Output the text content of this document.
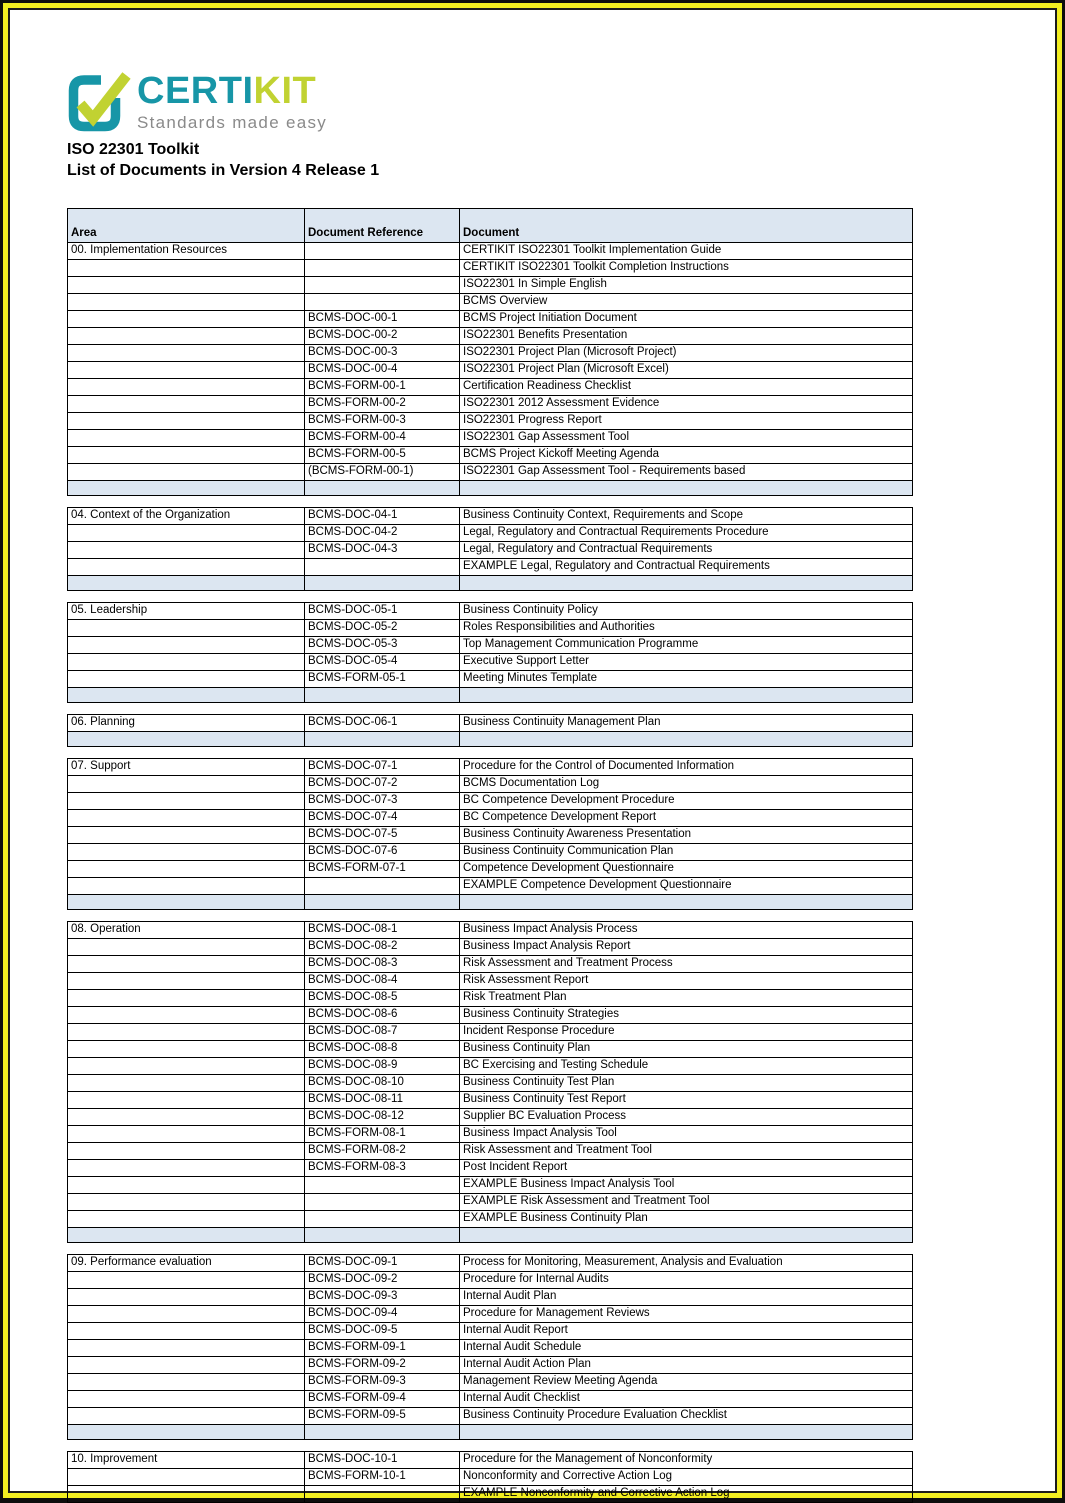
CERTIKIT
Standards made easy
ISO 22301 Toolkit
List of Documents in Version 4 Release 1
Area	Document Reference	Document
00. Implementation Resources		CERTIKIT ISO22301 Toolkit Implementation Guide
		CERTIKIT ISO22301 Toolkit Completion Instructions
		ISO22301 In Simple English
		BCMS Overview
	BCMS-DOC-00-1	BCMS Project Initiation Document
	BCMS-DOC-00-2	ISO22301 Benefits Presentation
	BCMS-DOC-00-3	ISO22301 Project Plan (Microsoft Project)
	BCMS-DOC-00-4	ISO22301 Project Plan (Microsoft Excel)
	BCMS-FORM-00-1	Certification Readiness Checklist
	BCMS-FORM-00-2	ISO22301 2012 Assessment Evidence
	BCMS-FORM-00-3	ISO22301 Progress Report
	BCMS-FORM-00-4	ISO22301 Gap Assessment Tool
	BCMS-FORM-00-5	BCMS Project Kickoff Meeting Agenda
	(BCMS-FORM-00-1)	ISO22301 Gap Assessment Tool - Requirements based

04. Context of the Organization	BCMS-DOC-04-1	Business Continuity Context, Requirements and Scope
	BCMS-DOC-04-2	Legal, Regulatory and Contractual Requirements Procedure
	BCMS-DOC-04-3	Legal, Regulatory and Contractual Requirements
		EXAMPLE Legal, Regulatory and Contractual Requirements

05. Leadership	BCMS-DOC-05-1	Business Continuity Policy
	BCMS-DOC-05-2	Roles Responsibilities and Authorities
	BCMS-DOC-05-3	Top Management Communication Programme
	BCMS-DOC-05-4	Executive Support Letter
	BCMS-FORM-05-1	Meeting Minutes Template

06. Planning	BCMS-DOC-06-1	Business Continuity Management Plan

07. Support	BCMS-DOC-07-1	Procedure for the Control of Documented Information
	BCMS-DOC-07-2	BCMS Documentation Log
	BCMS-DOC-07-3	BC Competence Development Procedure
	BCMS-DOC-07-4	BC Competence Development Report
	BCMS-DOC-07-5	Business Continuity Awareness Presentation
	BCMS-DOC-07-6	Business Continuity Communication Plan
	BCMS-FORM-07-1	Competence Development Questionnaire
		EXAMPLE Competence Development Questionnaire

08. Operation	BCMS-DOC-08-1	Business Impact Analysis Process
	BCMS-DOC-08-2	Business Impact Analysis Report
	BCMS-DOC-08-3	Risk Assessment and Treatment Process
	BCMS-DOC-08-4	Risk Assessment Report
	BCMS-DOC-08-5	Risk Treatment Plan
	BCMS-DOC-08-6	Business Continuity Strategies
	BCMS-DOC-08-7	Incident Response Procedure
	BCMS-DOC-08-8	Business Continuity Plan
	BCMS-DOC-08-9	BC Exercising and Testing Schedule
	BCMS-DOC-08-10	Business Continuity Test Plan
	BCMS-DOC-08-11	Business Continuity Test Report
	BCMS-DOC-08-12	Supplier BC Evaluation Process
	BCMS-FORM-08-1	Business Impact Analysis Tool
	BCMS-FORM-08-2	Risk Assessment and Treatment Tool
	BCMS-FORM-08-3	Post Incident Report
		EXAMPLE Business Impact Analysis Tool
		EXAMPLE Risk Assessment and Treatment Tool
		EXAMPLE Business Continuity Plan

09. Performance evaluation	BCMS-DOC-09-1	Process for Monitoring, Measurement, Analysis and Evaluation
	BCMS-DOC-09-2	Procedure for Internal Audits
	BCMS-DOC-09-3	Internal Audit Plan
	BCMS-DOC-09-4	Procedure for Management Reviews
	BCMS-DOC-09-5	Internal Audit Report
	BCMS-FORM-09-1	Internal Audit Schedule
	BCMS-FORM-09-2	Internal Audit Action Plan
	BCMS-FORM-09-3	Management Review Meeting Agenda
	BCMS-FORM-09-4	Internal Audit Checklist
	BCMS-FORM-09-5	Business Continuity Procedure Evaluation Checklist

10. Improvement	BCMS-DOC-10-1	Procedure for the Management of Nonconformity
	BCMS-FORM-10-1	Nonconformity and Corrective Action Log
		EXAMPLE Nonconformity and Corrective Action Log
